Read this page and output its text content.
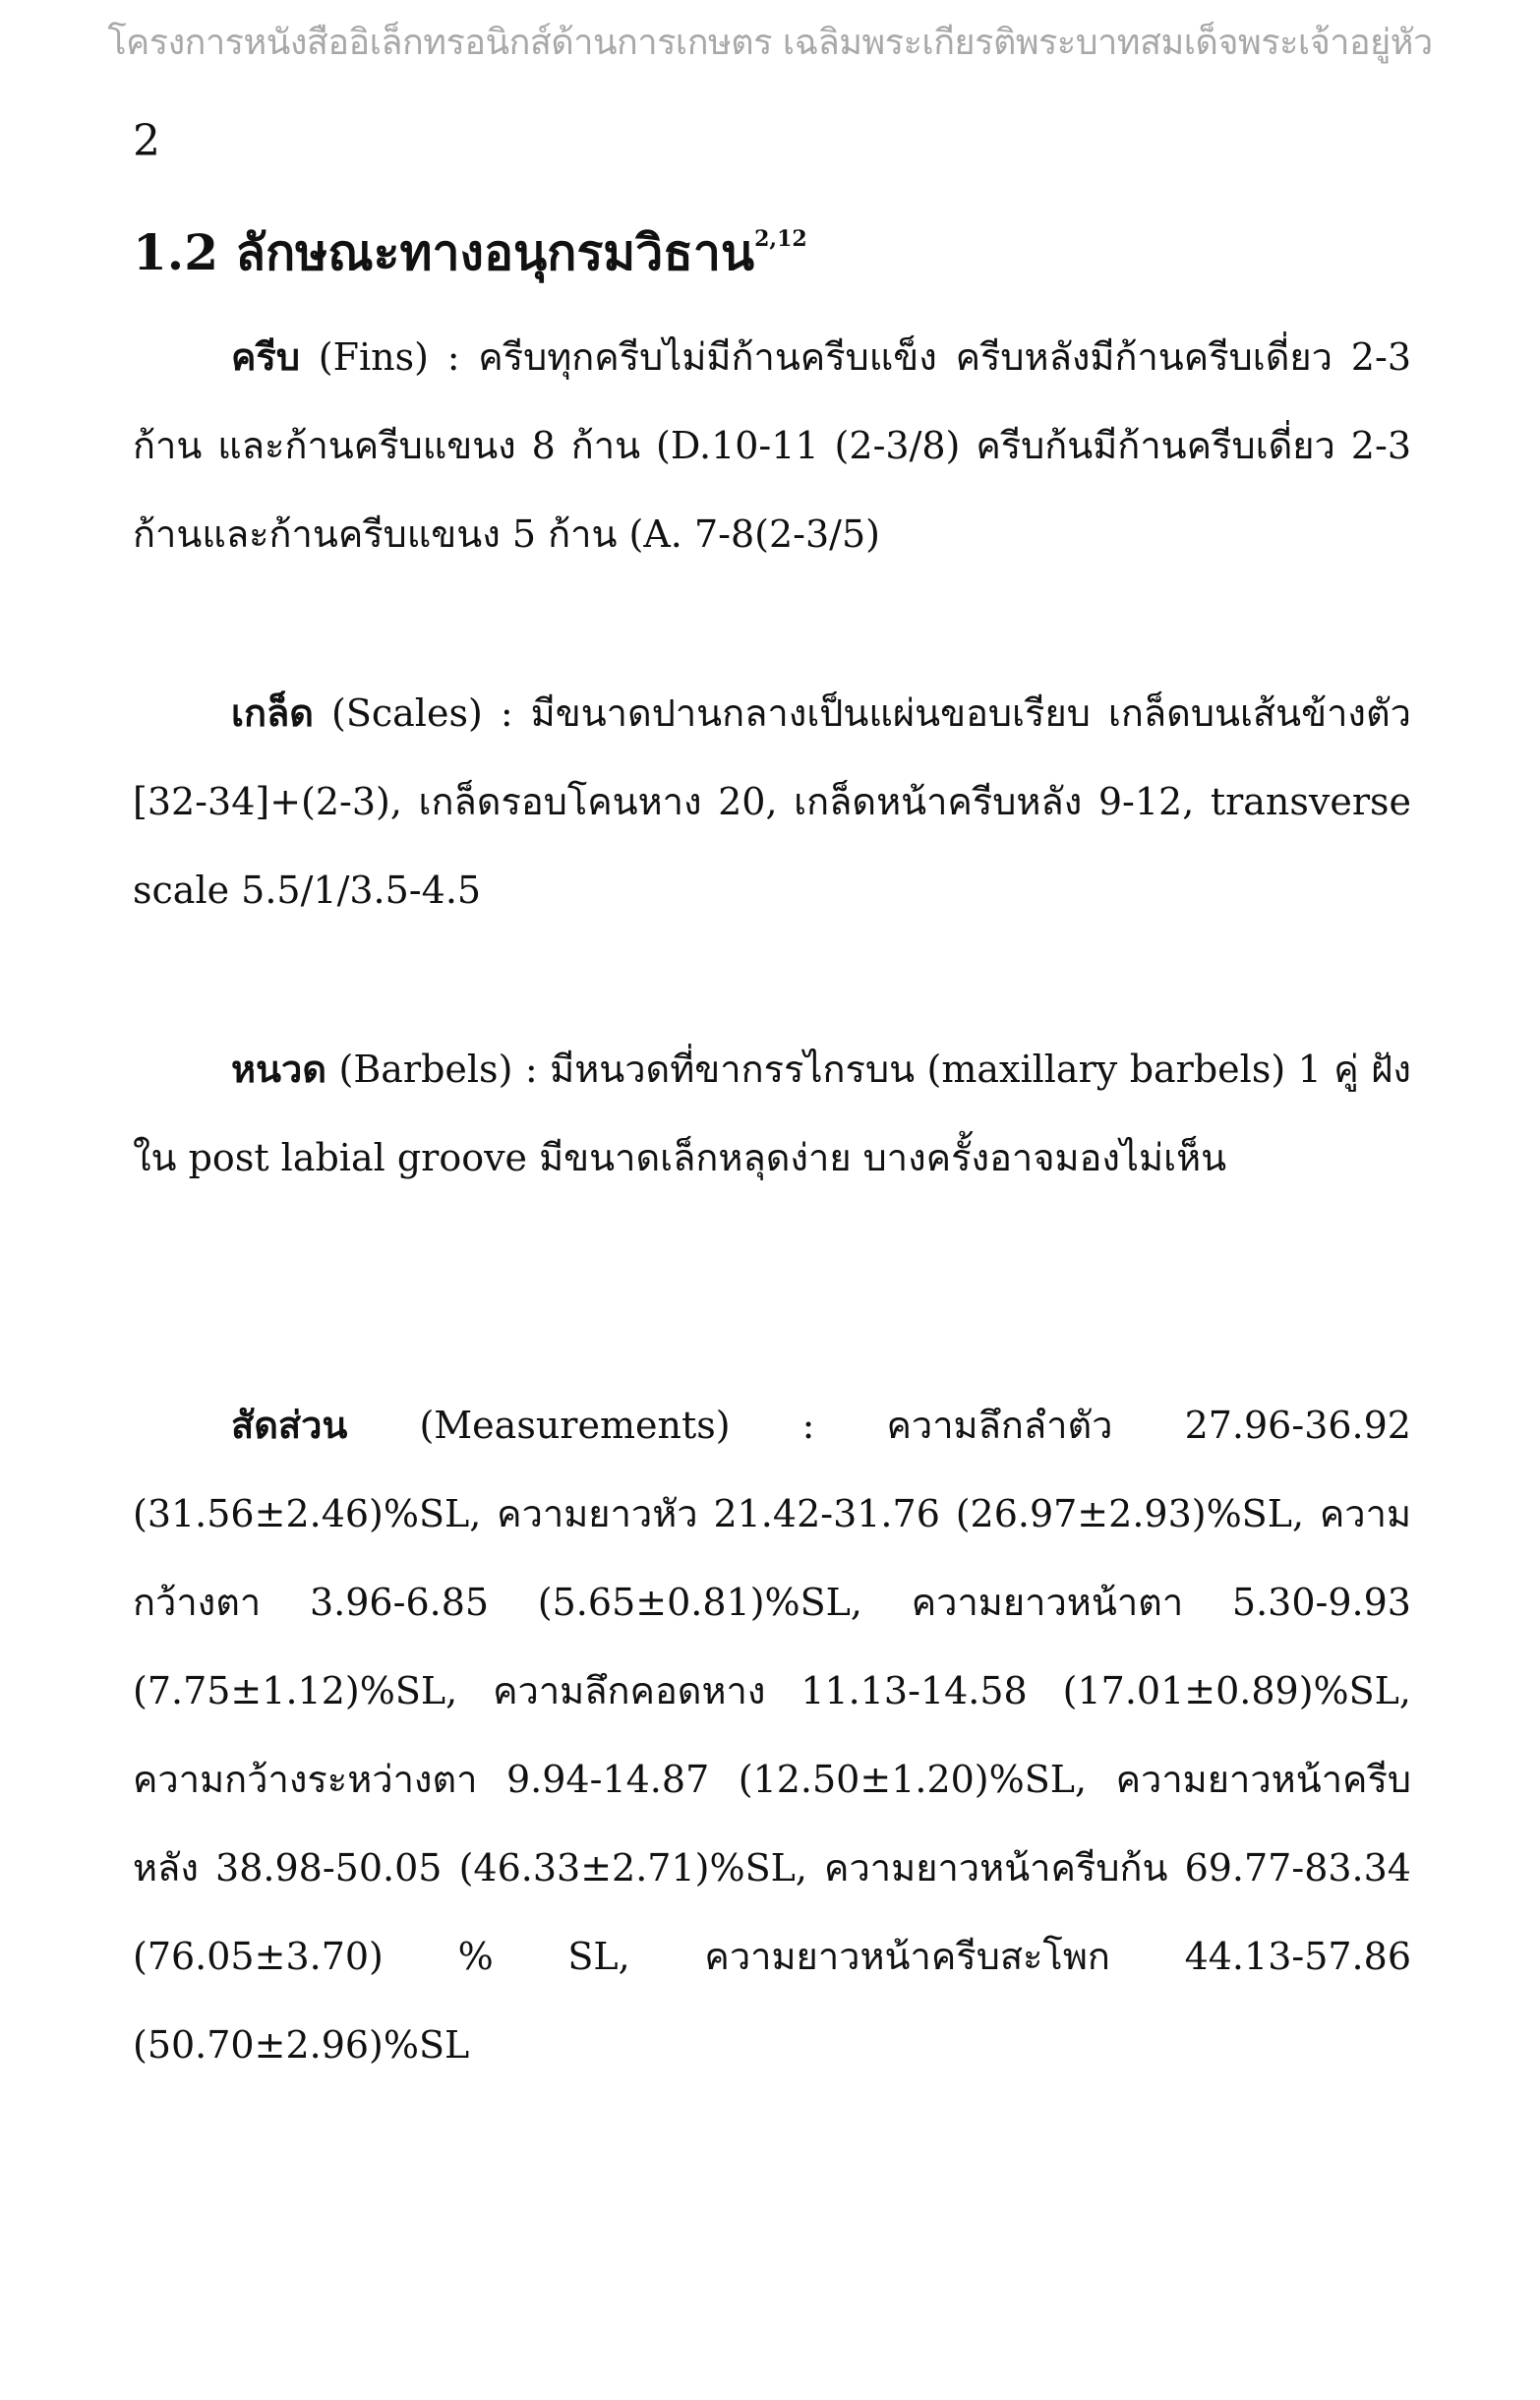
โครงการหนังสืออิเล็กทรอนิกส์ด้านการเกษตร เฉลิมพระเกียรติพระบาทสมเด็จพระเจ้าอยู่หัว
2
1.2 ลักษณะทางอนุกรมวิธาน$^{2,12}$

ครีบ (Fins) : ครีบทุกครีบไม่มีก้านครีบแข็ง ครีบหลังมีก้านครีบเดี่ยว 2-3 ก้าน และก้านครีบแขนง 8 ก้าน (D.10-11 (2-3/8) ครีบก้นมีก้านครีบเดี่ยว 2-3 ก้านและก้านครีบแขนง 5 ก้าน (A. 7-8(2-3/5)

เกล็ด (Scales) : มีขนาดปานกลางเป็นแผ่นขอบเรียบ เกล็ดบนเส้นข้างตัว [32-34]+(2-3), เกล็ดรอบโคนหาง 20, เกล็ดหน้าครีบหลัง 9-12, transverse scale 5.5/1/3.5-4.5

หนวด (Barbels) : มีหนวดที่ขากรรไกรบน (maxillary barbels) 1 คู่ ฝังใน post labial groove มีขนาดเล็กหลุดง่าย บางครั้งอาจมองไม่เห็น

สัดส่วน (Measurements) : ความลึกลำตัว 27.96-36.92 (31.56±2.46)%SL, ความยาวหัว 21.42-31.76 (26.97±2.93)%SL, ความกว้างตา 3.96-6.85 (5.65±0.81)%SL, ความยาวหน้าตา 5.30-9.93 (7.75±1.12)%SL, ความลึกคอดหาง 11.13-14.58 (17.01±0.89)%SL, ความกว้างระหว่างตา 9.94-14.87 (12.50±1.20)%SL, ความยาวหน้าครีบหลัง 38.98-50.05 (46.33±2.71)%SL, ความยาวหน้าครีบก้น 69.77-83.34 (76.05±3.70) % SL, ความยาวหน้าครีบสะโพก 44.13-57.86 (50.70±2.96)%SL
